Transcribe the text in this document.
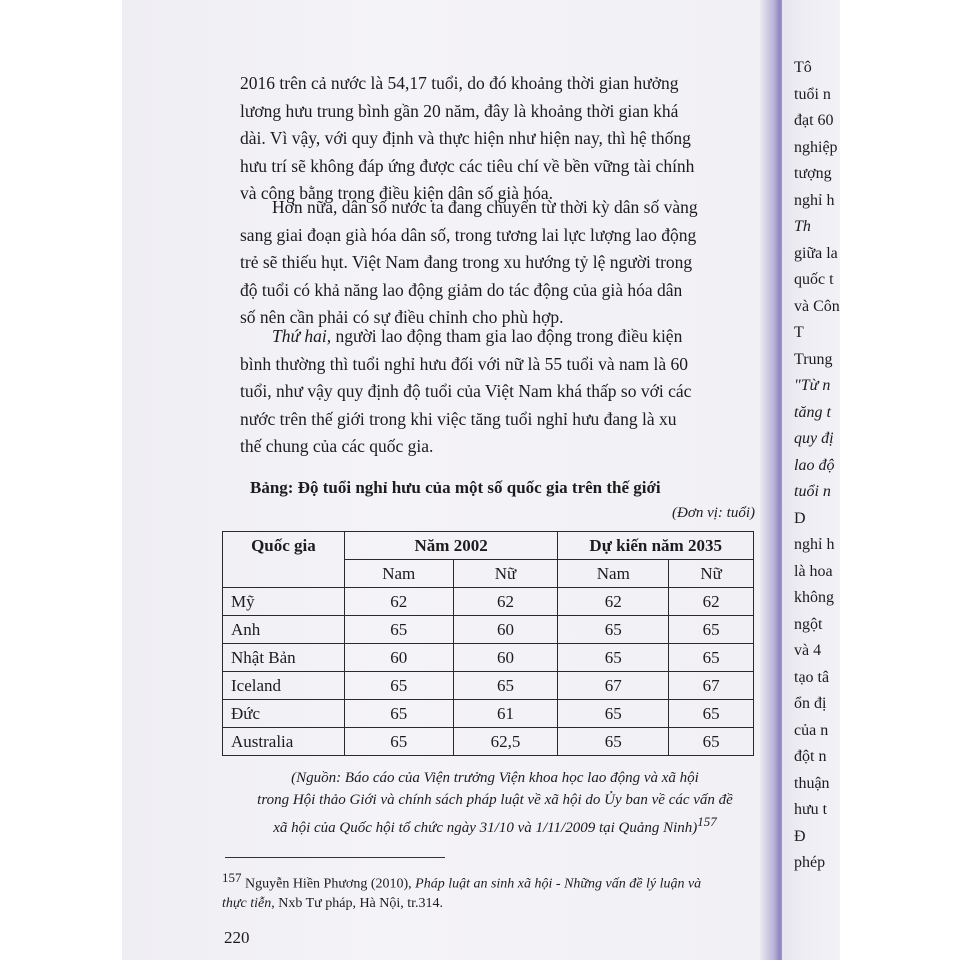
Tô
tuổi n
đạt 60
nghiệp
tượng
nghỉ h
Th
giữa la
quốc t
và Côn
T
Trung
"Từ n
tăng t
quy đị
lao độ
tuổi n
D
nghỉ h
là hoa
không
ngột
và 4
tạo tâ
ổn đị
của n
đột n
thuận
hưu t
Đ
phép
2016 trên cả nước là 54,17 tuổi, do đó khoảng thời gian hưởng
lương hưu trung bình gần 20 năm, đây là khoảng thời gian khá
dài. Vì vậy, với quy định và thực hiện như hiện nay, thì hệ thống
hưu trí sẽ không đáp ứng được các tiêu chí về bền vững tài chính
và công bằng trong điều kiện dân số già hóa.
Hơn nữa, dân số nước ta đang chuyển từ thời kỳ dân số vàng
sang giai đoạn già hóa dân số, trong tương lai lực lượng lao động
trẻ sẽ thiếu hụt. Việt Nam đang trong xu hướng tỷ lệ người trong
độ tuổi có khả năng lao động giảm do tác động của già hóa dân
số nên cần phải có sự điều chỉnh cho phù hợp.
Thứ hai, người lao động tham gia lao động trong điều kiện
bình thường thì tuổi nghỉ hưu đối với nữ là 55 tuổi và nam là 60
tuổi, như vậy quy định độ tuổi của Việt Nam khá thấp so với các
nước trên thế giới trong khi việc tăng tuổi nghỉ hưu đang là xu
thế chung của các quốc gia.
Bảng: Độ tuổi nghỉ hưu của một số quốc gia trên thế giới
(Đơn vị: tuổi)
Quốc gia	Năm 2002		Dự kiến năm 2035	
	Nam	Nữ	Nam	Nữ
Mỹ	62	62	62	62
Anh	65	60	65	65
Nhật Bản	60	60	65	65
Iceland	65	65	67	67
Đức	65	61	65	65
Australia	65	62,5	65	65
(Nguồn: Báo cáo của Viện trưởng Viện khoa học lao động và xã hội
trong Hội thảo Giới và chính sách pháp luật về xã hội do Ủy ban về các vấn đề
xã hội của Quốc hội tổ chức ngày 31/10 và 1/11/2009 tại Quảng Ninh)$^{157}$
$^{157}$ Nguyễn Hiền Phương (2010), Pháp luật an sinh xã hội - Những vấn đề lý luận và
thực tiễn, Nxb Tư pháp, Hà Nội, tr.314.
220
